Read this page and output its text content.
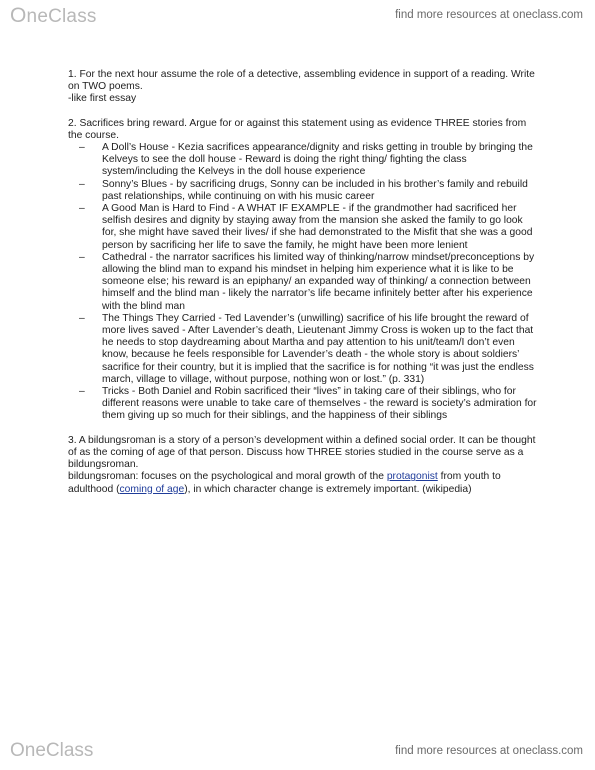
OneClass	find more resources at oneclass.com

1. For the next hour assume the role of a detective, assembling evidence in support of a reading. Write on TWO poems.

-like first essay

2. Sacrifices bring reward. Argue for or against this statement using as evidence THREE stories from the course.

– A Doll’s House - Kezia sacrifices appearance/dignity and risks getting in trouble by bringing the Kelveys to see the doll house - Reward is doing the right thing/ fighting the class system/including the Kelveys in the doll house experience
– Sonny’s Blues - by sacrificing drugs, Sonny can be included in his brother’s family and rebuild past relationships, while continuing on with his music career
– A Good Man is Hard to Find - A WHAT IF EXAMPLE - if the grandmother had sacrificed her selfish desires and dignity by staying away from the mansion she asked the family to go look for, she might have saved their lives/ if she had demonstrated to the Misfit that she was a good person by sacrificing her life to save the family, he might have been more lenient
– Cathedral - the narrator sacrifices his limited way of thinking/narrow mindset/preconceptions by allowing the blind man to expand his mindset in helping him experience what it is like to be someone else; his reward is an epiphany/ an expanded way of thinking/ a connection between himself and the blind man - likely the narrator’s life became infinitely better after his experience with the blind man
– The Things They Carried - Ted Lavender’s (unwilling) sacrifice of his life brought the reward of more lives saved - After Lavender’s death, Lieutenant Jimmy Cross is woken up to the fact that he needs to stop daydreaming about Martha and pay attention to his unit/team/I don’t even know, because he feels responsible for Lavender’s death - the whole story is about soldiers’ sacrifice for their country, but it is implied that the sacrifice is for nothing “it was just the endless march, village to village, without purpose, nothing won or lost.” (p. 331)
– Tricks - Both Daniel and Robin sacrificed their “lives” in taking care of their siblings, who for different reasons were unable to take care of themselves - the reward is society’s admiration for them giving up so much for their siblings, and the happiness of their siblings

3. A bildungsroman is a story of a person’s development within a defined social order. It can be thought of as the coming of age of that person. Discuss how THREE stories studied in the course serve as a bildungsroman.

bildungsroman: focuses on the psychological and moral growth of the protagonist from youth to adulthood (coming of age), in which character change is extremely important. (wikipedia)

OneClass	find more resources at oneclass.com
